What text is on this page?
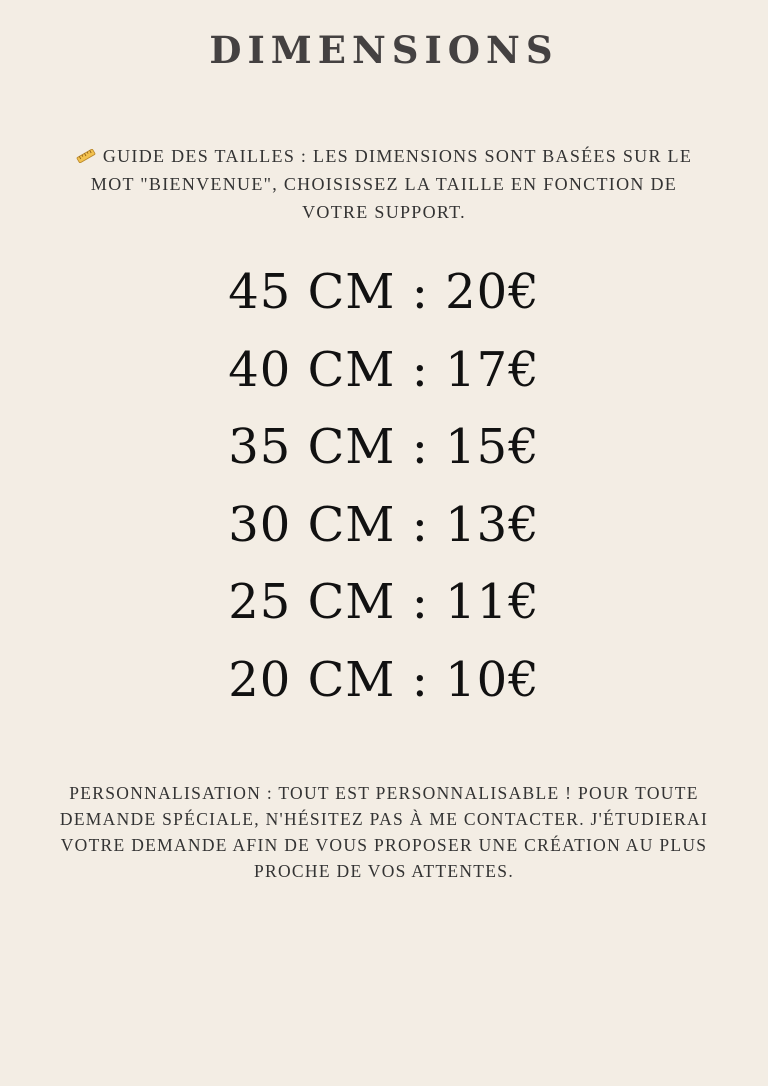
DIMENSIONS

GUIDE DES TAILLES : LES DIMENSIONS SONT BASÉES SUR LE MOT "BIENVENUE", CHOISISSEZ LA TAILLE EN FONCTION DE VOTRE SUPPORT.

45 CM : 20€
40 CM : 17€
35 CM : 15€
30 CM : 13€
25 CM : 11€
20 CM : 10€

PERSONNALISATION : TOUT EST PERSONNALISABLE ! POUR TOUTE DEMANDE SPÉCIALE, N'HÉSITEZ PAS À ME CONTACTER. J'ÉTUDIERAI VOTRE DEMANDE AFIN DE VOUS PROPOSER UNE CRÉATION AU PLUS PROCHE DE VOS ATTENTES.
